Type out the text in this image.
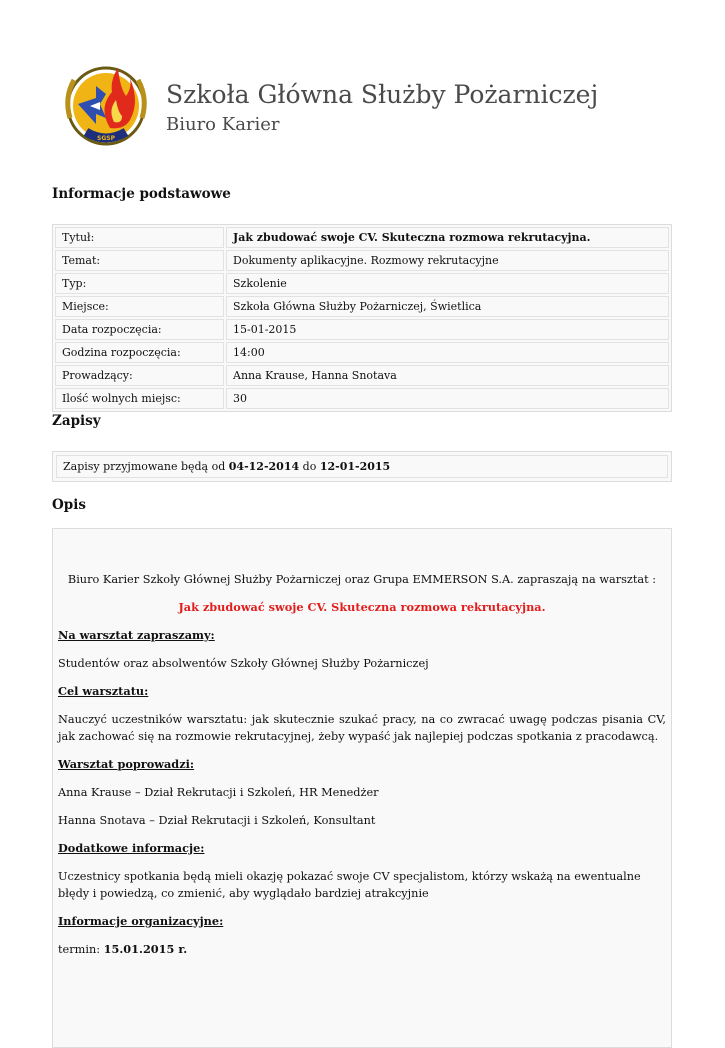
SGSP
Szkoła Główna Służby Pożarniczej
Biuro Karier
Informacje podstawowe
Tytuł:	Jak zbudować swoje CV. Skuteczna rozmowa rekrutacyjna.
Temat:	Dokumenty aplikacyjne. Rozmowy rekrutacyjne
Typ:	Szkolenie
Miejsce:	Szkoła Główna Służby Pożarniczej, Świetlica
Data rozpoczęcia:	15-01-2015
Godzina rozpoczęcia:	14:00
Prowadzący:	Anna Krause, Hanna Snotava
Ilość wolnych miejsc:	30
Zapisy
Zapisy przyjmowane będą od 04-12-2014 do 12-01-2015
Opis

Biuro Karier Szkoły Głównej Służby Pożarniczej oraz Grupa EMMERSON S.A. zapraszają na warsztat :

Jak zbudować swoje CV. Skuteczna rozmowa rekrutacyjna.

Na warsztat zapraszamy:

Studentów oraz absolwentów Szkoły Głównej Służby Pożarniczej

Cel warsztatu:

Nauczyć uczestników warsztatu: jak skutecznie szukać pracy, na co zwracać uwagę podczas pisania CV, jak zachować się na rozmowie rekrutacyjnej, żeby wypaść jak najlepiej podczas spotkania z pracodawcą.

Warsztat poprowadzi:

Anna Krause – Dział Rekrutacji i Szkoleń, HR Menedżer

Hanna Snotava – Dział Rekrutacji i Szkoleń, Konsultant

Dodatkowe informacje:

Uczestnicy spotkania będą mieli okazję pokazać swoje CV specjalistom, którzy wskażą na ewentualne błędy i powiedzą, co zmienić, aby wyglądało bardziej atrakcyjnie

Informacje organizacyjne:

termin: 15.01.2015 r.
